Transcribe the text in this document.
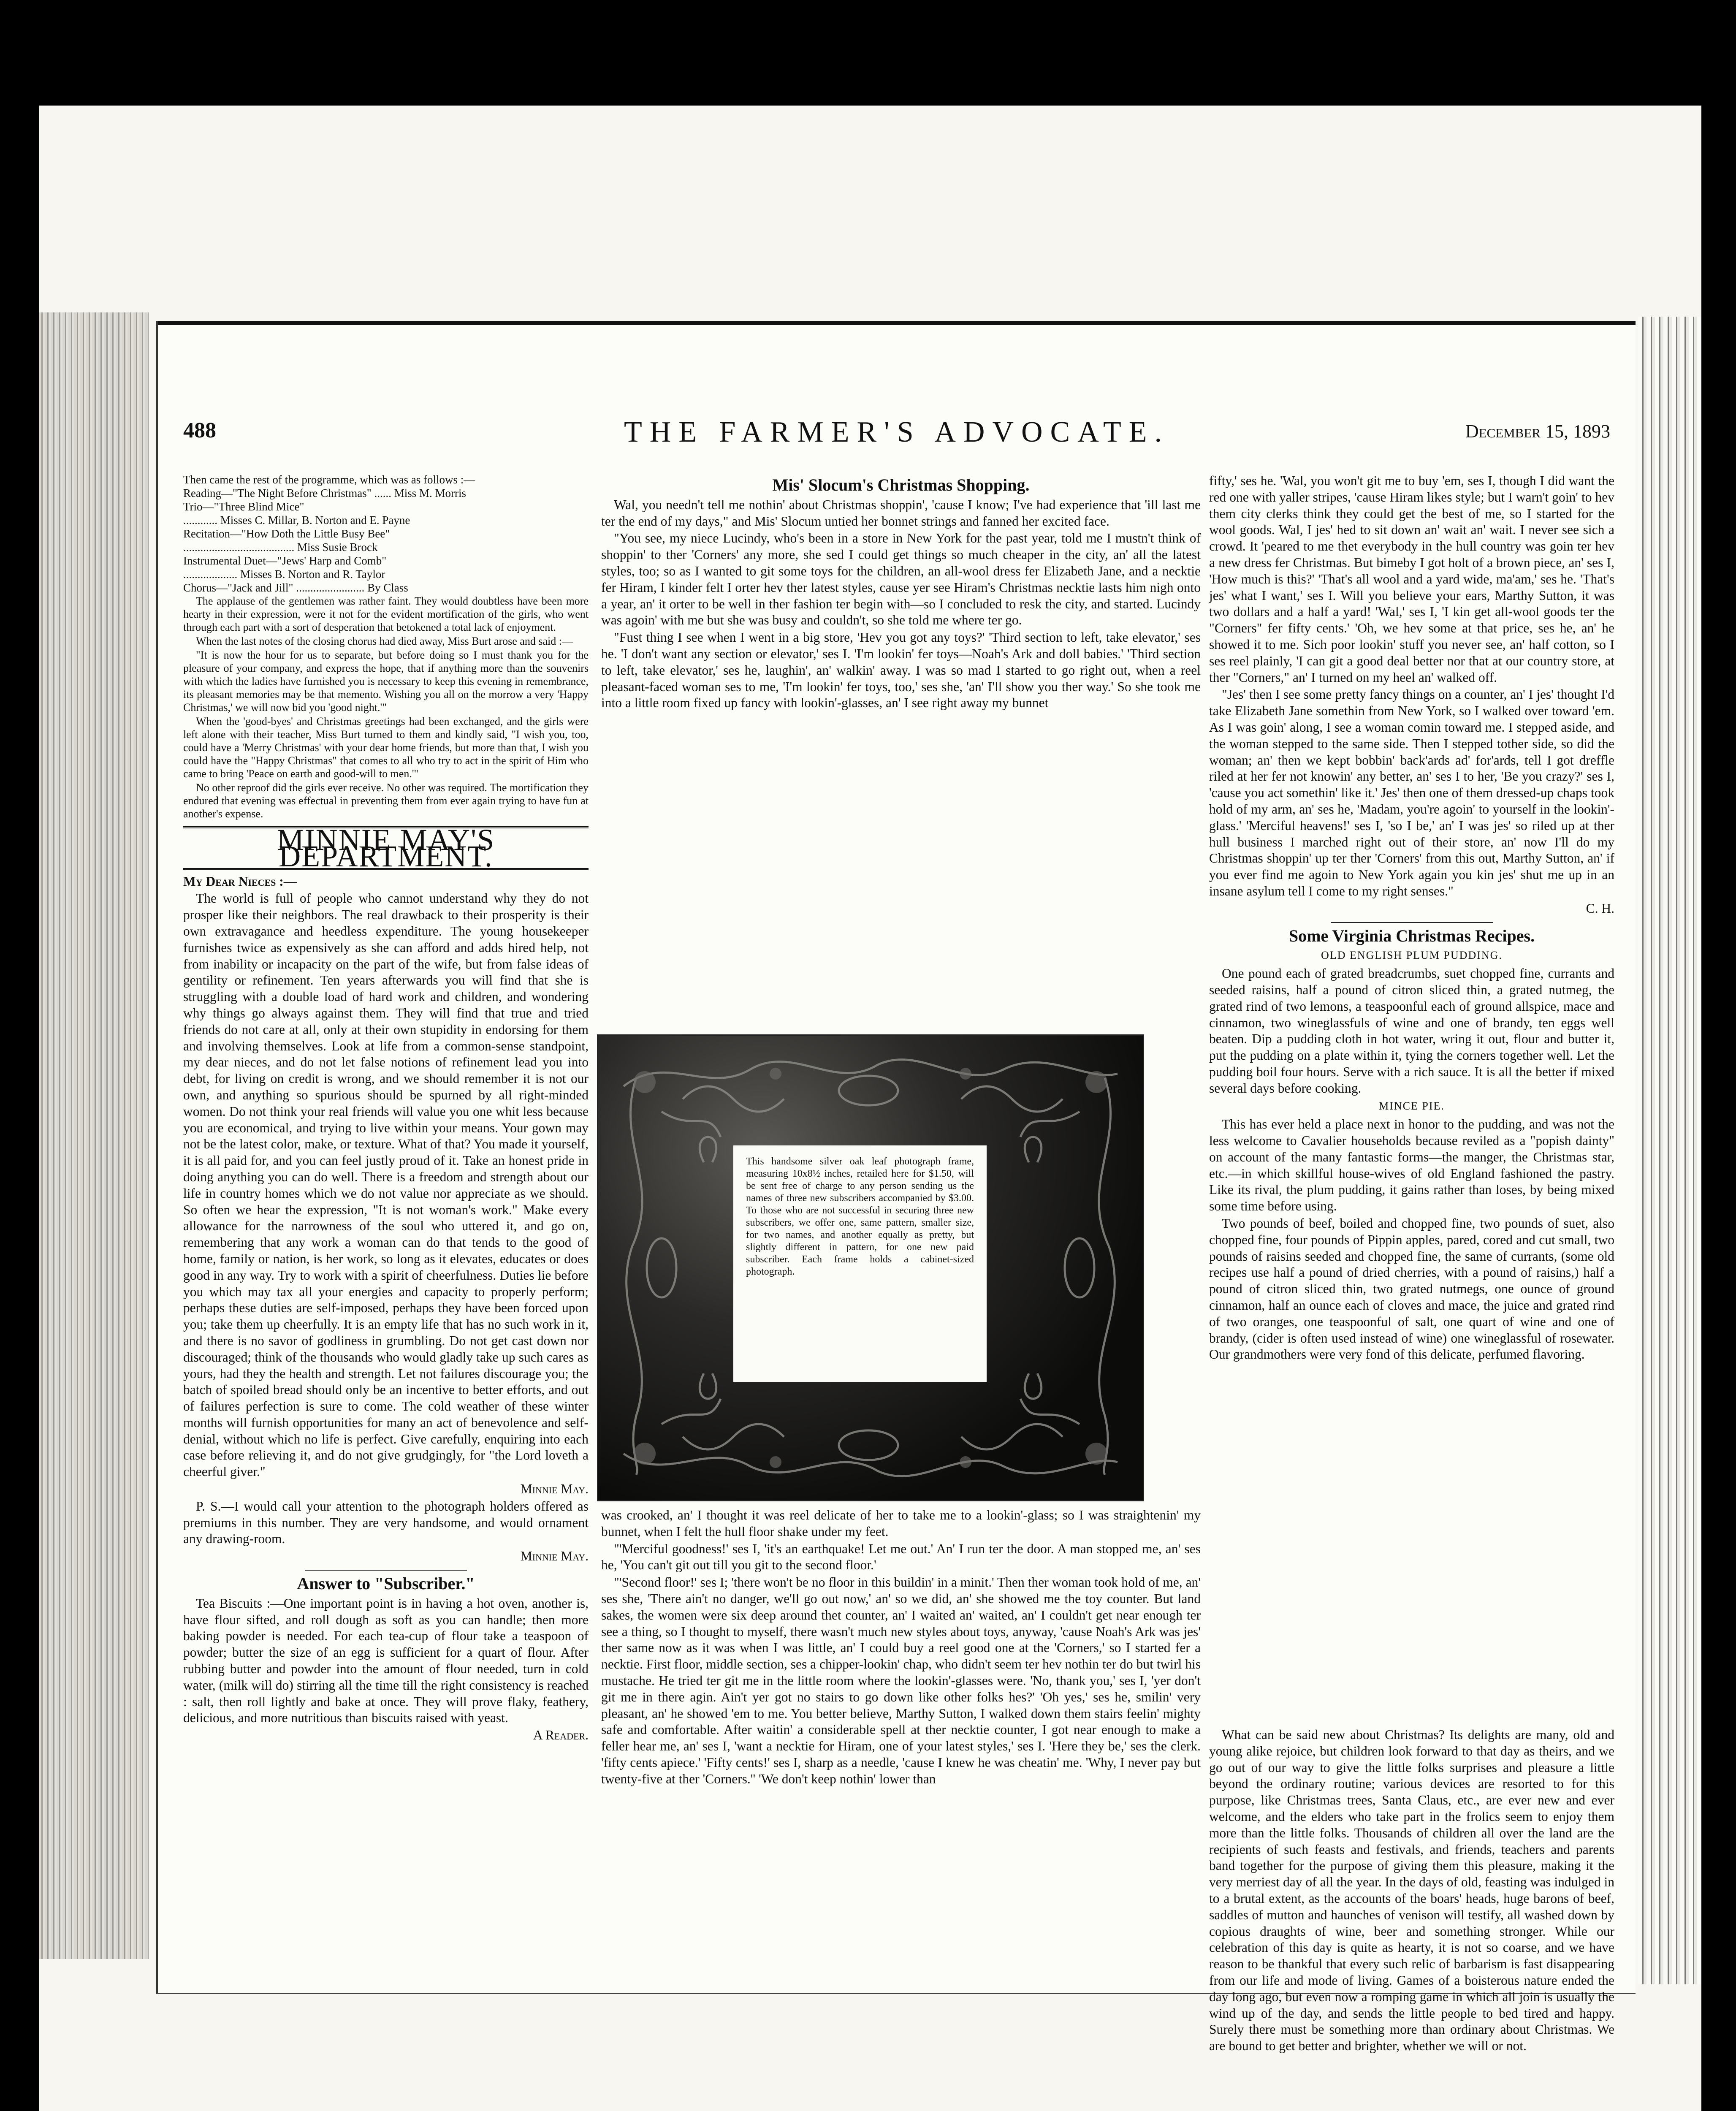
488	THE FARMER'S ADVOCATE.	December 15, 1893

Then came the rest of the programme, which was as follows :—

Reading—"The Night Before Christmas" ...... Miss M. Morris

Trio—"Three Blind Mice"

............ Misses C. Millar, B. Norton and E. Payne

Recitation—"How Doth the Little Busy Bee"

....................................... Miss Susie Brock

Instrumental Duet—"Jews' Harp and Comb"

................... Misses B. Norton and R. Taylor

Chorus—"Jack and Jill" ........................ By Class

The applause of the gentlemen was rather faint. They would doubtless have been more hearty in their expression, were it not for the evident mortification of the girls, who went through each part with a sort of desperation that betokened a total lack of enjoyment.

When the last notes of the closing chorus had died away, Miss Burt arose and said :—

"It is now the hour for us to separate, but before doing so I must thank you for the pleasure of your company, and express the hope, that if anything more than the souvenirs with which the ladies have furnished you is necessary to keep this evening in remembrance, its pleasant memories may be that memento. Wishing you all on the morrow a very 'Happy Christmas,' we will now bid you 'good night.'"

When the 'good-byes' and Christmas greetings had been exchanged, and the girls were left alone with their teacher, Miss Burt turned to them and kindly said, "I wish you, too, could have a 'Merry Christmas' with your dear home friends, but more than that, I wish you could have the "Happy Christmas" that comes to all who try to act in the spirit of Him who came to bring 'Peace on earth and good-will to men.'"

No other reproof did the girls ever receive. No other was required. The mortification they endured that evening was effectual in preventing them from ever again trying to have fun at another's expense.

MINNIE MAY'S DEPARTMENT.

My Dear Nieces :—

The world is full of people who cannot understand why they do not prosper like their neighbors. The real drawback to their prosperity is their own extravagance and heedless expenditure. The young housekeeper furnishes twice as expensively as she can afford and adds hired help, not from inability or incapacity on the part of the wife, but from false ideas of gentility or refinement. Ten years afterwards you will find that she is struggling with a double load of hard work and children, and wondering why things go always against them. They will find that true and tried friends do not care at all, only at their own stupidity in endorsing for them and involving themselves. Look at life from a common-sense standpoint, my dear nieces, and do not let false notions of refinement lead you into debt, for living on credit is wrong, and we should remember it is not our own, and anything so spurious should be spurned by all right-minded women. Do not think your real friends will value you one whit less because you are economical, and trying to live within your means. Your gown may not be the latest color, make, or texture. What of that? You made it yourself, it is all paid for, and you can feel justly proud of it. Take an honest pride in doing anything you can do well. There is a freedom and strength about our life in country homes which we do not value nor appreciate as we should. So often we hear the expression, "It is not woman's work." Make every allowance for the narrowness of the soul who uttered it, and go on, remembering that any work a woman can do that tends to the good of home, family or nation, is her work, so long as it elevates, educates or does good in any way. Try to work with a spirit of cheerfulness. Duties lie before you which may tax all your energies and capacity to properly perform; perhaps these duties are self-imposed, perhaps they have been forced upon you; take them up cheerfully. It is an empty life that has no such work in it, and there is no savor of godliness in grumbling. Do not get cast down nor discouraged; think of the thousands who would gladly take up such cares as yours, had they the health and strength. Let not failures discourage you; the batch of spoiled bread should only be an incentive to better efforts, and out of failures perfection is sure to come. The cold weather of these winter months will furnish opportunities for many an act of benevolence and self-denial, without which no life is perfect. Give carefully, enquiring into each case before relieving it, and do not give grudgingly, for "the Lord loveth a cheerful giver."

Minnie May.

P. S.—I would call your attention to the photograph holders offered as premiums in this number. They are very handsome, and would ornament any drawing-room.

Minnie May.

Answer to "Subscriber."

Tea Biscuits :—One important point is in having a hot oven, another is, have flour sifted, and roll dough as soft as you can handle; then more baking powder is needed. For each tea-cup of flour take a teaspoon of powder; butter the size of an egg is sufficient for a quart of flour. After rubbing butter and powder into the amount of flour needed, turn in cold water, (milk will do) stirring all the time till the right consistency is reached : salt, then roll lightly and bake at once. They will prove flaky, feathery, delicious, and more nutritious than biscuits raised with yeast.

A Reader.

Mis' Slocum's Christmas Shopping.

Wal, you needn't tell me nothin' about Christmas shoppin', 'cause I know; I've had experience that 'ill last me ter the end of my days," and Mis' Slocum untied her bonnet strings and fanned her excited face.

"You see, my niece Lucindy, who's been in a store in New York for the past year, told me I mustn't think of shoppin' to ther 'Corners' any more, she sed I could get things so much cheaper in the city, an' all the latest styles, too; so as I wanted to git some toys for the children, an all-wool dress fer Elizabeth Jane, and a necktie fer Hiram, I kinder felt I orter hev ther latest styles, cause yer see Hiram's Christmas necktie lasts him nigh onto a year, an' it orter to be well in ther fashion ter begin with—so I concluded to resk the city, and started. Lucindy was agoin' with me but she was busy and couldn't, so she told me where ter go.

"Fust thing I see when I went in a big store, 'Hev you got any toys?' 'Third section to left, take elevator,' ses he. 'I don't want any section or elevator,' ses I. 'I'm lookin' fer toys—Noah's Ark and doll babies.' 'Third section to left, take elevator,' ses he, laughin', an' walkin' away. I was so mad I started to go right out, when a reel pleasant-faced woman ses to me, 'I'm lookin' fer toys, too,' ses she, 'an' I'll show you ther way.' So she took me into a little room fixed up fancy with lookin'-glasses, an' I see right away my bunnet

This handsome silver oak leaf photograph frame, measuring 10x8½ inches, retailed here for $1.50, will be sent free of charge to any person sending us the names of three new subscribers accompanied by $3.00. To those who are not successful in securing three new subscribers, we offer one, same pattern, smaller size, for two names, and another equally as pretty, but slightly different in pattern, for one new paid subscriber. Each frame holds a cabinet-sized photograph.

was crooked, an' I thought it was reel delicate of her to take me to a lookin'-glass; so I was straightenin' my bunnet, when I felt the hull floor shake under my feet.

"'Merciful goodness!' ses I, 'it's an earthquake! Let me out.' An' I run ter the door. A man stopped me, an' ses he, 'You can't git out till you git to the second floor.'

"'Second floor!' ses I; 'there won't be no floor in this buildin' in a minit.' Then ther woman took hold of me, an' ses she, 'There ain't no danger, we'll go out now,' an' so we did, an' she showed me the toy counter. But land sakes, the women were six deep around thet counter, an' I waited an' waited, an' I couldn't get near enough ter see a thing, so I thought to myself, there wasn't much new styles about toys, anyway, 'cause Noah's Ark was jes' ther same now as it was when I was little, an' I could buy a reel good one at the 'Corners,' so I started fer a necktie. First floor, middle section, ses a chipper-lookin' chap, who didn't seem ter hev nothin ter do but twirl his mustache. He tried ter git me in the little room where the lookin'-glasses were. 'No, thank you,' ses I, 'yer don't git me in there agin. Ain't yer got no stairs to go down like other folks hes?' 'Oh yes,' ses he, smilin' very pleasant, an' he showed 'em to me. You better believe, Marthy Sutton, I walked down them stairs feelin' mighty safe and comfortable. After waitin' a considerable spell at ther necktie counter, I got near enough to make a feller hear me, an' ses I, 'want a necktie for Hiram, one of your latest styles,' ses I. 'Here they be,' ses the clerk. 'fifty cents apiece.' 'Fifty cents!' ses I, sharp as a needle, 'cause I knew he was cheatin' me. 'Why, I never pay but twenty-five at ther 'Corners.'' 'We don't keep nothin' lower than

fifty,' ses he. 'Wal, you won't git me to buy 'em, ses I, though I did want the red one with yaller stripes, 'cause Hiram likes style; but I warn't goin' to hev them city clerks think they could get the best of me, so I started for the wool goods. Wal, I jes' hed to sit down an' wait an' wait. I never see sich a crowd. It 'peared to me thet everybody in the hull country was goin ter hev a new dress fer Christmas. But bimeby I got holt of a brown piece, an' ses I, 'How much is this?' 'That's all wool and a yard wide, ma'am,' ses he. 'That's jes' what I want,' ses I. Will you believe your ears, Marthy Sutton, it was two dollars and a half a yard! 'Wal,' ses I, 'I kin get all-wool goods ter the "Corners" fer fifty cents.' 'Oh, we hev some at that price, ses he, an' he showed it to me. Sich poor lookin' stuff you never see, an' half cotton, so I ses reel plainly, 'I can git a good deal better nor that at our country store, at ther "Corners," an' I turned on my heel an' walked off.

"Jes' then I see some pretty fancy things on a counter, an' I jes' thought I'd take Elizabeth Jane somethin from New York, so I walked over toward 'em. As I was goin' along, I see a woman comin toward me. I stepped aside, and the woman stepped to the same side. Then I stepped tother side, so did the woman; an' then we kept bobbin' back'ards ad' for'ards, tell I got dreffle riled at her fer not knowin' any better, an' ses I to her, 'Be you crazy?' ses I, 'cause you act somethin' like it.' Jes' then one of them dressed-up chaps took hold of my arm, an' ses he, 'Madam, you're agoin' to yourself in the lookin'-glass.' 'Merciful heavens!' ses I, 'so I be,' an' I was jes' so riled up at ther hull business I marched right out of their store, an' now I'll do my Christmas shoppin' up ter ther 'Corners' from this out, Marthy Sutton, an' if you ever find me agoin to New York again you kin jes' shut me up in an insane asylum tell I come to my right senses."

C. H.

Some Virginia Christmas Recipes.
OLD ENGLISH PLUM PUDDING.

One pound each of grated breadcrumbs, suet chopped fine, currants and seeded raisins, half a pound of citron sliced thin, a grated nutmeg, the grated rind of two lemons, a teaspoonful each of ground allspice, mace and cinnamon, two wineglassfuls of wine and one of brandy, ten eggs well beaten. Dip a pudding cloth in hot water, wring it out, flour and butter it, put the pudding on a plate within it, tying the corners together well. Let the pudding boil four hours. Serve with a rich sauce. It is all the better if mixed several days before cooking.

MINCE PIE.

This has ever held a place next in honor to the pudding, and was not the less welcome to Cavalier households because reviled as a "popish dainty" on account of the many fantastic forms—the manger, the Christmas star, etc.—in which skillful house-wives of old England fashioned the pastry. Like its rival, the plum pudding, it gains rather than loses, by being mixed some time before using.

Two pounds of beef, boiled and chopped fine, two pounds of suet, also chopped fine, four pounds of Pippin apples, pared, cored and cut small, two pounds of raisins seeded and chopped fine, the same of currants, (some old recipes use half a pound of dried cherries, with a pound of raisins,) half a pound of citron sliced thin, two grated nutmegs, one ounce of ground cinnamon, half an ounce each of cloves and mace, the juice and grated rind of two oranges, one teaspoonful of salt, one quart of wine and one of brandy, (cider is often used instead of wine) one wineglassful of rosewater. Our grandmothers were very fond of this delicate, perfumed flavoring.

What can be said new about Christmas? Its delights are many, old and young alike rejoice, but children look forward to that day as theirs, and we go out of our way to give the little folks surprises and pleasure a little beyond the ordinary routine; various devices are resorted to for this purpose, like Christmas trees, Santa Claus, etc., are ever new and ever welcome, and the elders who take part in the frolics seem to enjoy them more than the little folks. Thousands of children all over the land are the recipients of such feasts and festivals, and friends, teachers and parents band together for the purpose of giving them this pleasure, making it the very merriest day of all the year. In the days of old, feasting was indulged in to a brutal extent, as the accounts of the boars' heads, huge barons of beef, saddles of mutton and haunches of venison will testify, all washed down by copious draughts of wine, beer and something stronger. While our celebration of this day is quite as hearty, it is not so coarse, and we have reason to be thankful that every such relic of barbarism is fast disappearing from our life and mode of living. Games of a boisterous nature ended the day long ago, but even now a romping game in which all join is usually the wind up of the day, and sends the little people to bed tired and happy. Surely there must be something more than ordinary about Christmas. We are bound to get better and brighter, whether we will or not.
